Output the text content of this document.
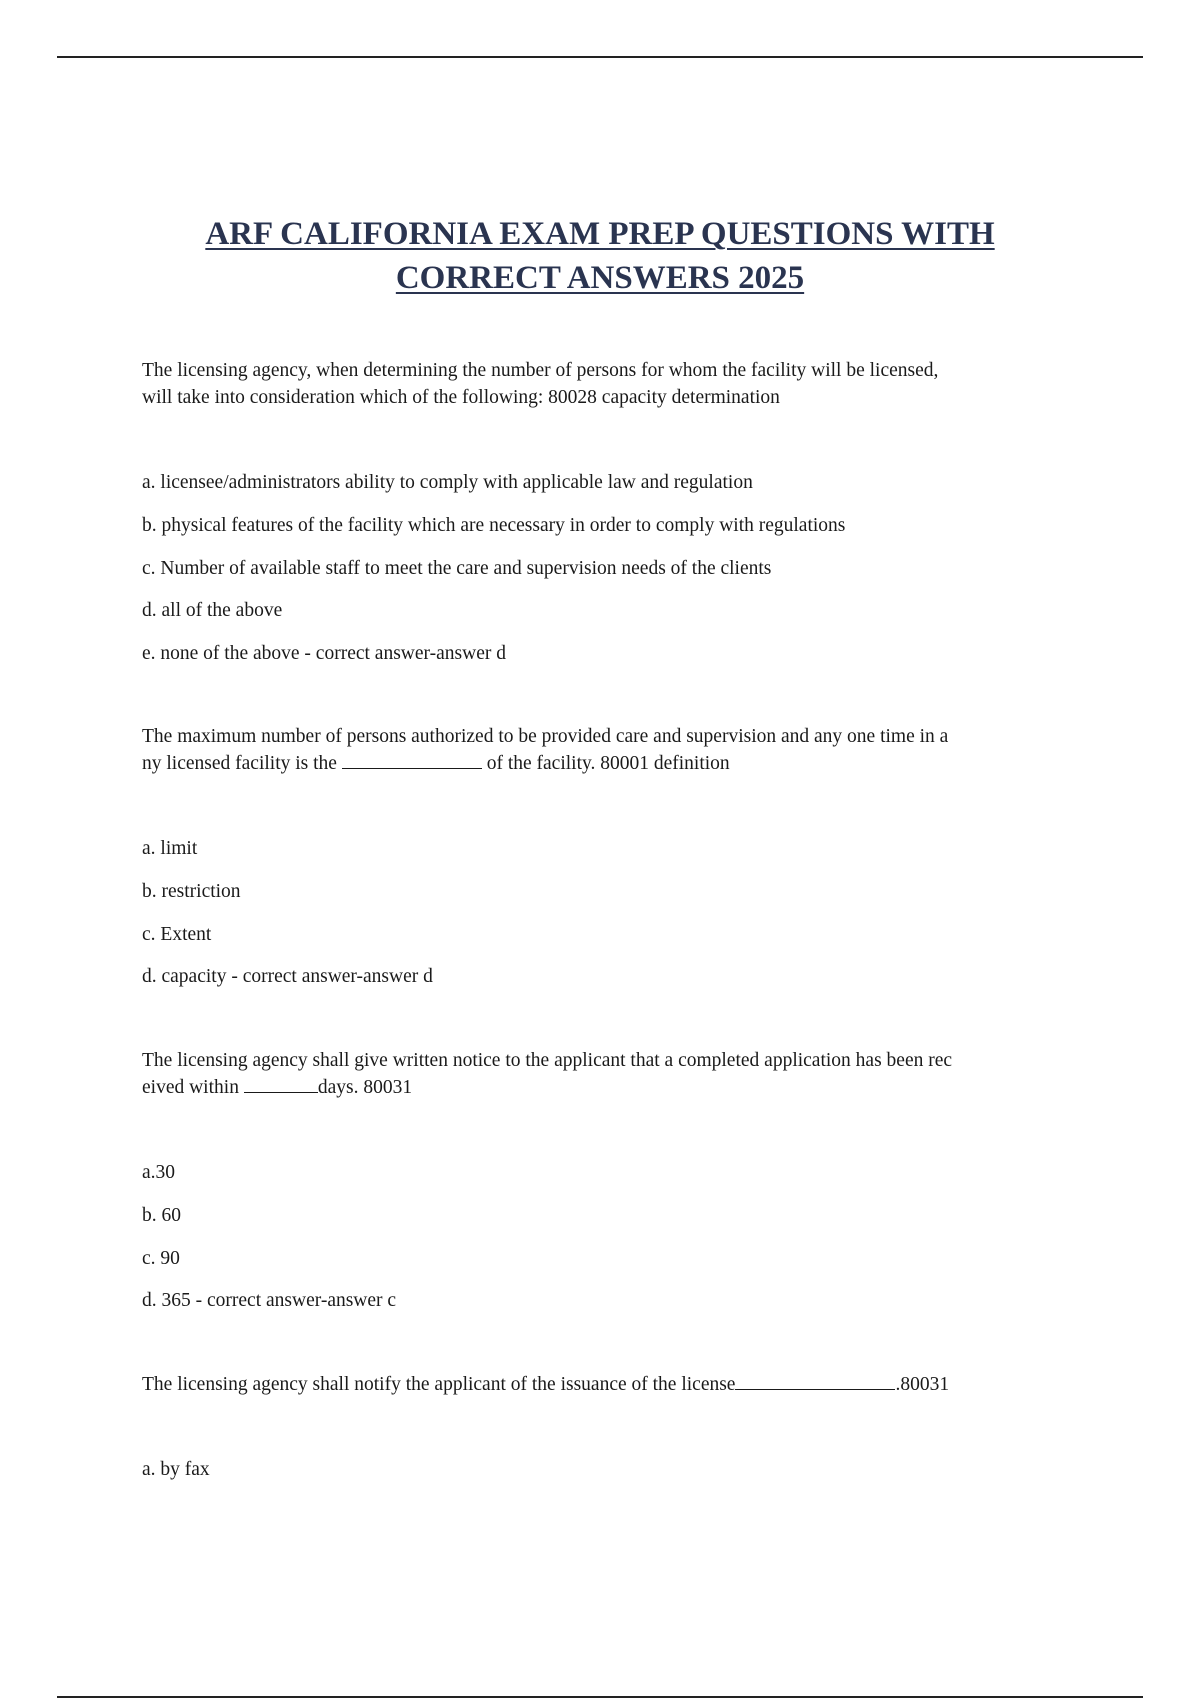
ARF CALIFORNIA EXAM PREP QUESTIONS WITH
CORRECT ANSWERS 2025
The licensing agency, when determining the number of persons for whom the facility will be licensed,
will take into consideration which of the following: 80028 capacity determination
a. licensee/administrators ability to comply with applicable law and regulation
b. physical features of the facility which are necessary in order to comply with regulations
c. Number of available staff to meet the care and supervision needs of the clients
d. all of the above
e. none of the above - correct answer-answer d
The maximum number of persons authorized to be provided care and supervision and any one time in a
ny licensed facility is the	of the facility. 80001 definition
a. limit
b. restriction
c. Extent
d. capacity - correct answer-answer d
The licensing agency shall give written notice to the applicant that a completed application has been rec
eived within	days. 80031
a.30
b. 60
c. 90
d. 365 - correct answer-answer c
The licensing agency shall notify the applicant of the issuance of the license	.80031
a. by fax
